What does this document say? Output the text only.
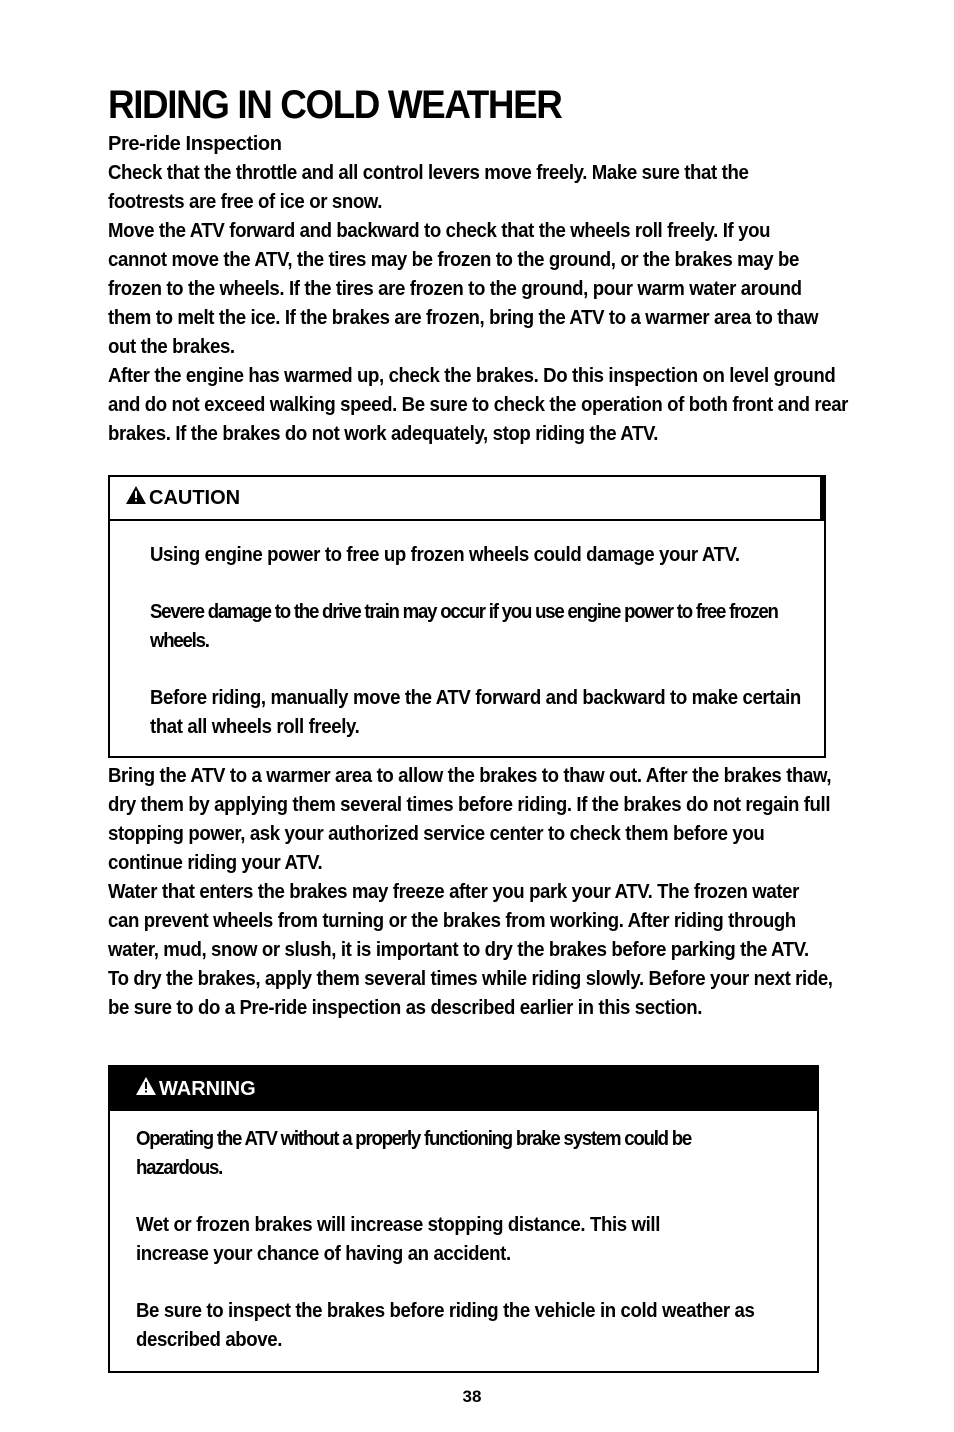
RIDING IN COLD WEATHER
Pre-ride Inspection

Check that the throttle and all control levers move freely. Make sure that the footrests are free of ice or snow.

Move the ATV forward and backward to check that the wheels roll freely. If you cannot move the ATV, the tires may be frozen to the ground, or the brakes may be frozen to the wheels. If the tires are frozen to the ground, pour warm water around them to melt the ice. If the brakes are frozen, bring the ATV to a warmer area to thaw out the brakes.

After the engine has warmed up, check the brakes. Do this inspection on level ground and do not exceed walking speed. Be sure to check the operation of both front and rear brakes. If the brakes do not work adequately, stop riding the ATV.

CAUTION

Using engine power to free up frozen wheels could damage your ATV.

Severe damage to the drive train may occur if you use engine power to free frozen wheels.

Before riding, manually move the ATV forward and backward to make certain that all wheels roll freely.

Bring the ATV to a warmer area to allow the brakes to thaw out. After the brakes thaw, dry them by applying them several times before riding. If the brakes do not regain full stopping power, ask your authorized service center to check them before you continue riding your ATV.

Water that enters the brakes may freeze after you park your ATV. The frozen water can prevent wheels from turning or the brakes from working. After riding through water, mud, snow or slush, it is important to dry the brakes before parking the ATV. To dry the brakes, apply them several times while riding slowly. Before your next ride, be sure to do a Pre-ride inspection as described earlier in this section.

WARNING

Operating the ATV without a properly functioning brake system could be hazardous.

Wet or frozen brakes will increase stopping distance. This will increase your chance of having an accident.

Be sure to inspect the brakes before riding the vehicle in cold weather as described above.

38
